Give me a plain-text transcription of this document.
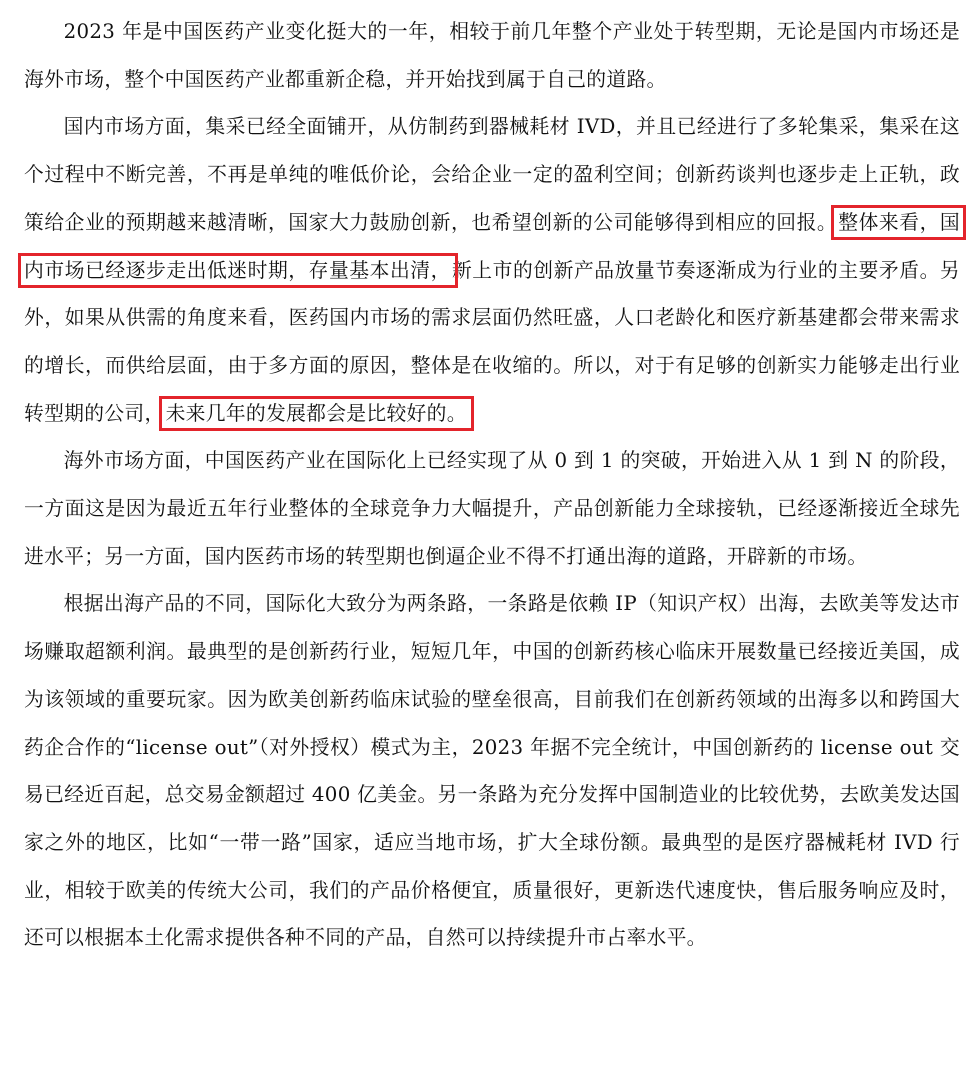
2023 年是中国医药产业变化挺大的一年，相较于前几年整个产业处于转型期，无论是国内市场还是海外市场，整个中国医药产业都重新企稳，并开始找到属于自己的道路。

国内市场方面，集采已经全面铺开，从仿制药到器械耗材 IVD，并且已经进行了多轮集采，集采在这个过程中不断完善，不再是单纯的唯低价论，会给企业一定的盈利空间；创新药谈判也逐步走上正轨，政策给企业的预期越来越清晰，国家大力鼓励创新，也希望创新的公司能够得到相应的回报。整体来看，国内市场已经逐步走出低迷时期，存量基本出清，新上市的创新产品放量节奏逐渐成为行业的主要矛盾。另外，如果从供需的角度来看，医药国内市场的需求层面仍然旺盛，人口老龄化和医疗新基建都会带来需求的增长，而供给层面，由于多方面的原因，整体是在收缩的。所以，对于有足够的创新实力能够走出行业转型期的公司，未来几年的发展都会是比较好的。

海外市场方面，中国医药产业在国际化上已经实现了从 0 到 1 的突破，开始进入从 1 到 N 的阶段，一方面这是因为最近五年行业整体的全球竞争力大幅提升，产品创新能力全球接轨，已经逐渐接近全球先进水平；另一方面，国内医药市场的转型期也倒逼企业不得不打通出海的道路，开辟新的市场。

根据出海产品的不同，国际化大致分为两条路，一条路是依赖 IP（知识产权）出海，去欧美等发达市场赚取超额利润。最典型的是创新药行业，短短几年，中国的创新药核心临床开展数量已经接近美国，成为该领域的重要玩家。因为欧美创新药临床试验的壁垒很高，目前我们在创新药领域的出海多以和跨国大药企合作的“license out”（对外授权）模式为主，2023 年据不完全统计，中国创新药的 license out 交易已经近百起，总交易金额超过 400 亿美金。另一条路为充分发挥中国制造业的比较优势，去欧美发达国家之外的地区，比如“一带一路”国家，适应当地市场，扩大全球份额。最典型的是医疗器械耗材 IVD 行业，相较于欧美的传统大公司，我们的产品价格便宜，质量很好，更新迭代速度快，售后服务响应及时，还可以根据本土化需求提供各种不同的产品，自然可以持续提升市占率水平。
